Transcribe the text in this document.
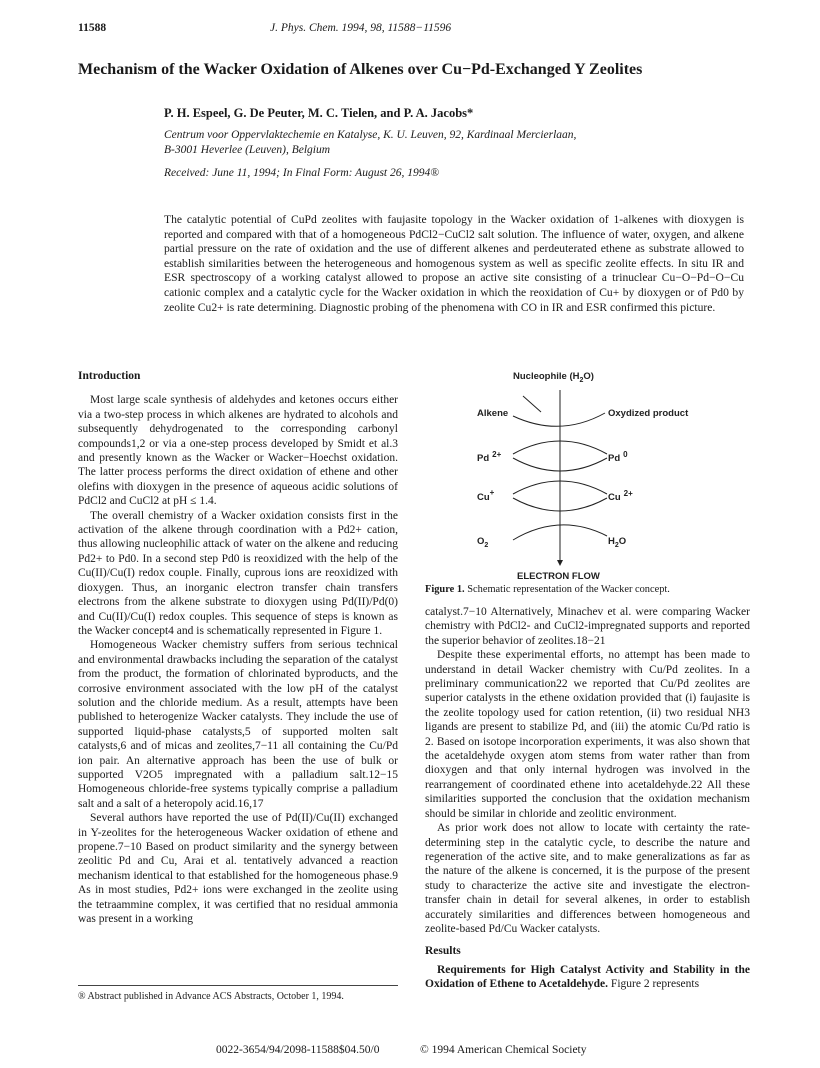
11588	J. Phys. Chem. 1994, 98, 11588−11596
Mechanism of the Wacker Oxidation of Alkenes over Cu−Pd-Exchanged Y Zeolites
P. H. Espeel, G. De Peuter, M. C. Tielen, and P. A. Jacobs*
Centrum voor Oppervlaktechemie en Katalyse, K. U. Leuven, 92, Kardinaal Mercierlaan,
B-3001 Heverlee (Leuven), Belgium
Received: June 11, 1994; In Final Form: August 26, 1994®
The catalytic potential of CuPd zeolites with faujasite topology in the Wacker oxidation of 1-alkenes with dioxygen is reported and compared with that of a homogeneous PdCl2−CuCl2 salt solution. The influence of water, oxygen, and alkene partial pressure on the rate of oxidation and the use of different alkenes and perdeuterated ethene as substrate allowed to establish similarities between the heterogeneous and homogenous system as well as specific zeolite effects. In situ IR and ESR spectroscopy of a working catalyst allowed to propose an active site consisting of a trinuclear Cu−O−Pd−O−Cu cationic complex and a catalytic cycle for the Wacker oxidation in which the reoxidation of Cu+ by dioxygen or of Pd0 by zeolite Cu2+ is rate determining. Diagnostic probing of the phenomena with CO in IR and ESR confirmed this picture.
Introduction

Most large scale synthesis of aldehydes and ketones occurs either via a two-step process in which alkenes are hydrated to alcohols and subsequently dehydrogenated to the corresponding carbonyl compounds1,2 or via a one-step process developed by Smidt et al.3 and presently known as the Wacker or Wacker−Hoechst oxidation. The latter process performs the direct oxidation of ethene and other olefins with dioxygen in the presence of aqueous acidic solutions of PdCl2 and CuCl2 at pH ≤ 1.4.

The overall chemistry of a Wacker oxidation consists first in the activation of the alkene through coordination with a Pd2+ cation, thus allowing nucleophilic attack of water on the alkene and reducing Pd2+ to Pd0. In a second step Pd0 is reoxidized with the help of the Cu(II)/Cu(I) redox couple. Finally, cuprous ions are reoxidized with dioxygen. Thus, an inorganic electron transfer chain transfers electrons from the alkene substrate to dioxygen using Pd(II)/Pd(0) and Cu(II)/Cu(I) redox couples. This sequence of steps is known as the Wacker concept4 and is schematically represented in Figure 1.

Homogeneous Wacker chemistry suffers from serious technical and environmental drawbacks including the separation of the catalyst from the product, the formation of chlorinated byproducts, and the corrosive environment associated with the low pH of the catalyst solution and the chloride medium. As a result, attempts have been published to heterogenize Wacker catalysts. They include the use of supported liquid-phase catalysts,5 of supported molten salt catalysts,6 and of micas and zeolites,7−11 all containing the Cu/Pd ion pair. An alternative approach has been the use of bulk or supported V2O5 impregnated with a palladium salt.12−15 Homogeneous chloride-free systems typically comprise a palladium salt and a salt of a heteropoly acid.16,17

Several authors have reported the use of Pd(II)/Cu(II) exchanged in Y-zeolites for the heterogeneous Wacker oxidation of ethene and propene.7−10 Based on product similarity and the synergy between zeolitic Pd and Cu, Arai et al. tentatively advanced a reaction mechanism identical to that established for the homogeneous phase.9 As in most studies, Pd2+ ions were exchanged in the zeolite using the tetraammine complex, it was certified that no residual ammonia was present in a working

Nucleophile $(H_2O)$
Alkene	Oxydized product
Pd $^{2+}$	Pd $^0$
Cu+	Cu $^{2+}$
$O_2$	$H_2O$
ELECTRON FLOW
Figure 1. Schematic representation of the Wacker concept.

catalyst.7−10 Alternatively, Minachev et al. were comparing Wacker chemistry with PdCl2- and CuCl2-impregnated supports and reported the superior behavior of zeolites.18−21

Despite these experimental efforts, no attempt has been made to understand in detail Wacker chemistry with Cu/Pd zeolites. In a preliminary communication22 we reported that Cu/Pd zeolites are superior catalysts in the ethene oxidation provided that (i) faujasite is the zeolite topology used for cation retention, (ii) two residual NH3 ligands are present to stabilize Pd, and (iii) the atomic Cu/Pd ratio is 2. Based on isotope incorporation experiments, it was also shown that the acetaldehyde oxygen atom stems from water rather than from dioxygen and that only internal hydrogen was involved in the rearrangement of coordinated ethene into acetaldehyde.22 All these similarities supported the conclusion that the oxidation mechanism should be similar in chloride and zeolitic environment.

As prior work does not allow to locate with certainty the rate-determining step in the catalytic cycle, to describe the nature and regeneration of the active site, and to make generalizations as far as the nature of the alkene is concerned, it is the purpose of the present study to characterize the active site and investigate the electron-transfer chain in detail for several alkenes, in order to establish accurately similarities and differences between homogeneous and zeolite-based Pd/Cu Wacker catalysts.

Results

Requirements for High Catalyst Activity and Stability in the Oxidation of Ethene to Acetaldehyde. Figure 2 represents

® Abstract published in Advance ACS Abstracts, October 1, 1994.
0022-3654/94/2098-11588$04.50/0	© 1994 American Chemical Society
